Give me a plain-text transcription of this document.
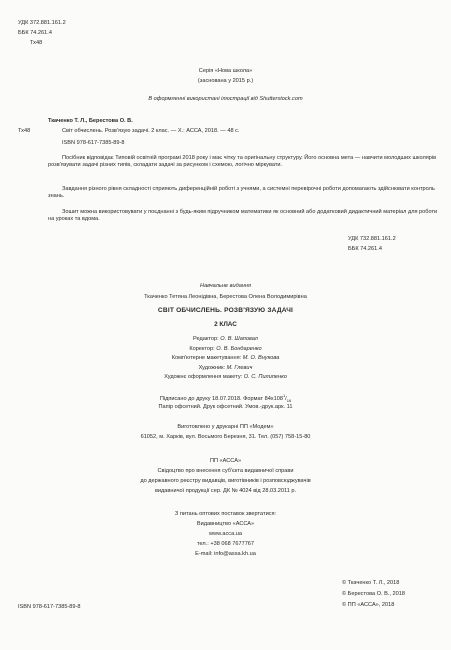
УДК 372.881.161.2
ББК 74.261.4
Тх48
Серія «Нова школа»
(заснована у 2015 р.)
В оформленні використані ілюстрації від Shutterstock.com
Тх48
Ткаченко Т. Л., Берестова О. В.
Світ обчислень. Розв'язую задачі. 2 клас. — Х.: АССА, 2018. — 48 с.
ISBN 978-617-7385-89-8
Посібник відповідає Типовій освітній програмі 2018 року і має чітку та оригінальну структуру. Його основна мета — навчити молодших школярів розв'язувати задачі різних типів, складати задачі за рисунком і схемою, логічно міркувати.
Завдання різного рівня складності сприяють диференційній роботі з учнями, а системні перевірочні роботи допомагають здійснювати контроль знань.
Зошит можна використовувати у поєднанні з будь-яким підручником математики як основний або додатковий дидактичний матеріал для роботи на уроках та вдома.
УДК 732.881.161.2
ББК 74.261.4
Навчальне видання
Ткаченко Тетяна Леонідівна, Берестова Олена Володимирівна
СВІТ ОБЧИСЛЕНЬ. РОЗВ'ЯЗУЮ ЗАДАЧІ
2 КЛАС
Редактор: О. В. Шаповал
Коректор: О. В. Бондаренко
Комп'ютерне макетування: М. О. Внукова
Художник: М. Глевич
Художнє оформлення макету: О. С. Пилипенко
Підписано до друку 18.07.2018. Формат $84х108^1/_{16}$
Папір офсетний. Друк офсетний. Умов.-друк.арк. 11
Виготовлено у друкарні ПП «Модем»
61052, м. Харків, вул. Восьмого Березня, 31. Тел. (057) 758-15-80
ПП «АССА»
Свідоцтво про внесення суб'єкта видавничої справи
до державного реєстру видавців, виготівників і розповсюджувачів
видавничої продукції сер. ДК № 4024 від 28.03.2011 р.
З питань оптових поставок звертатися:
Видавництво «АССА»
www.acca.ua
тел.: +38 068 7677767
E-mail: info@assa.kh.ua
ISBN 978-617-7385-89-8
© Ткаченко Т. Л., 2018
© Берестова О. В., 2018
© ПП «АССА», 2018
